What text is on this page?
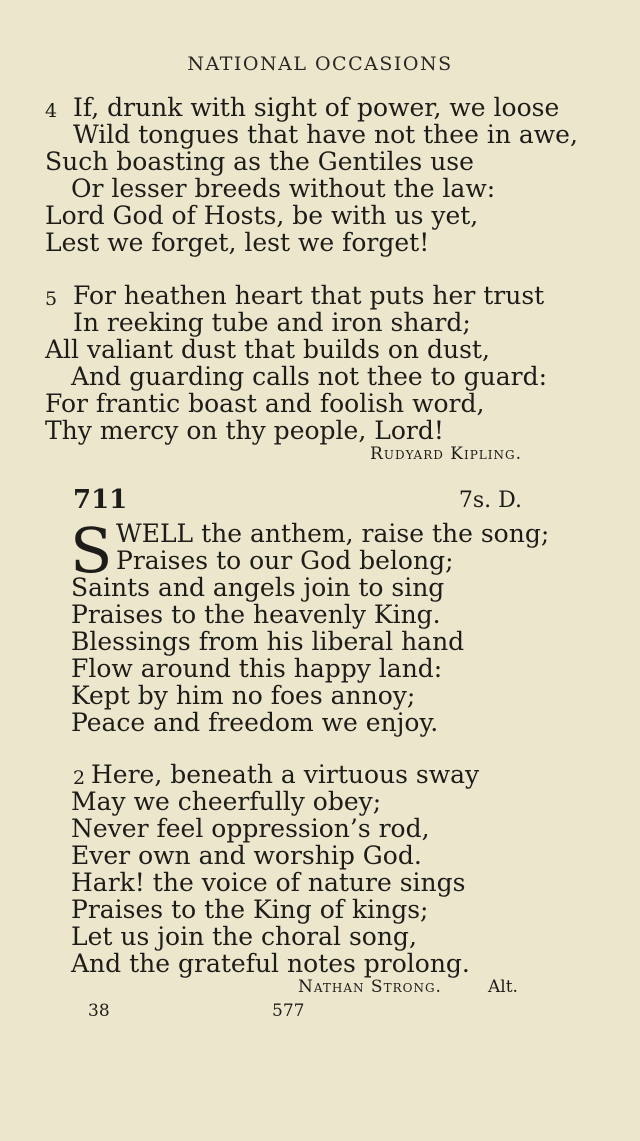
NATIONAL OCCASIONS
4 If, drunk with sight of power, we loose
Wild tongues that have not thee in awe,
Such boasting as the Gentiles use
Or lesser breeds without the law:
Lord God of Hosts, be with us yet,
Lest we forget, lest we forget!
5 For heathen heart that puts her trust
In reeking tube and iron shard;
All valiant dust that builds on dust,
And guarding calls not thee to guard:
For frantic boast and foolish word,
Thy mercy on thy people, Lord!
Rudyard Kipling.
711	7s. D.
S WELL the anthem, raise the song;
Praises to our God belong;
Saints and angels join to sing
Praises to the heavenly King.
Blessings from his liberal hand
Flow around this happy land:
Kept by him no foes annoy;
Peace and freedom we enjoy.
2 Here, beneath a virtuous sway
May we cheerfully obey;
Never feel oppression’s rod,
Ever own and worship God.
Hark! the voice of nature sings
Praises to the King of kings;
Let us join the choral song,
And the grateful notes prolong.
Nathan Strong.	Alt.
38	577
